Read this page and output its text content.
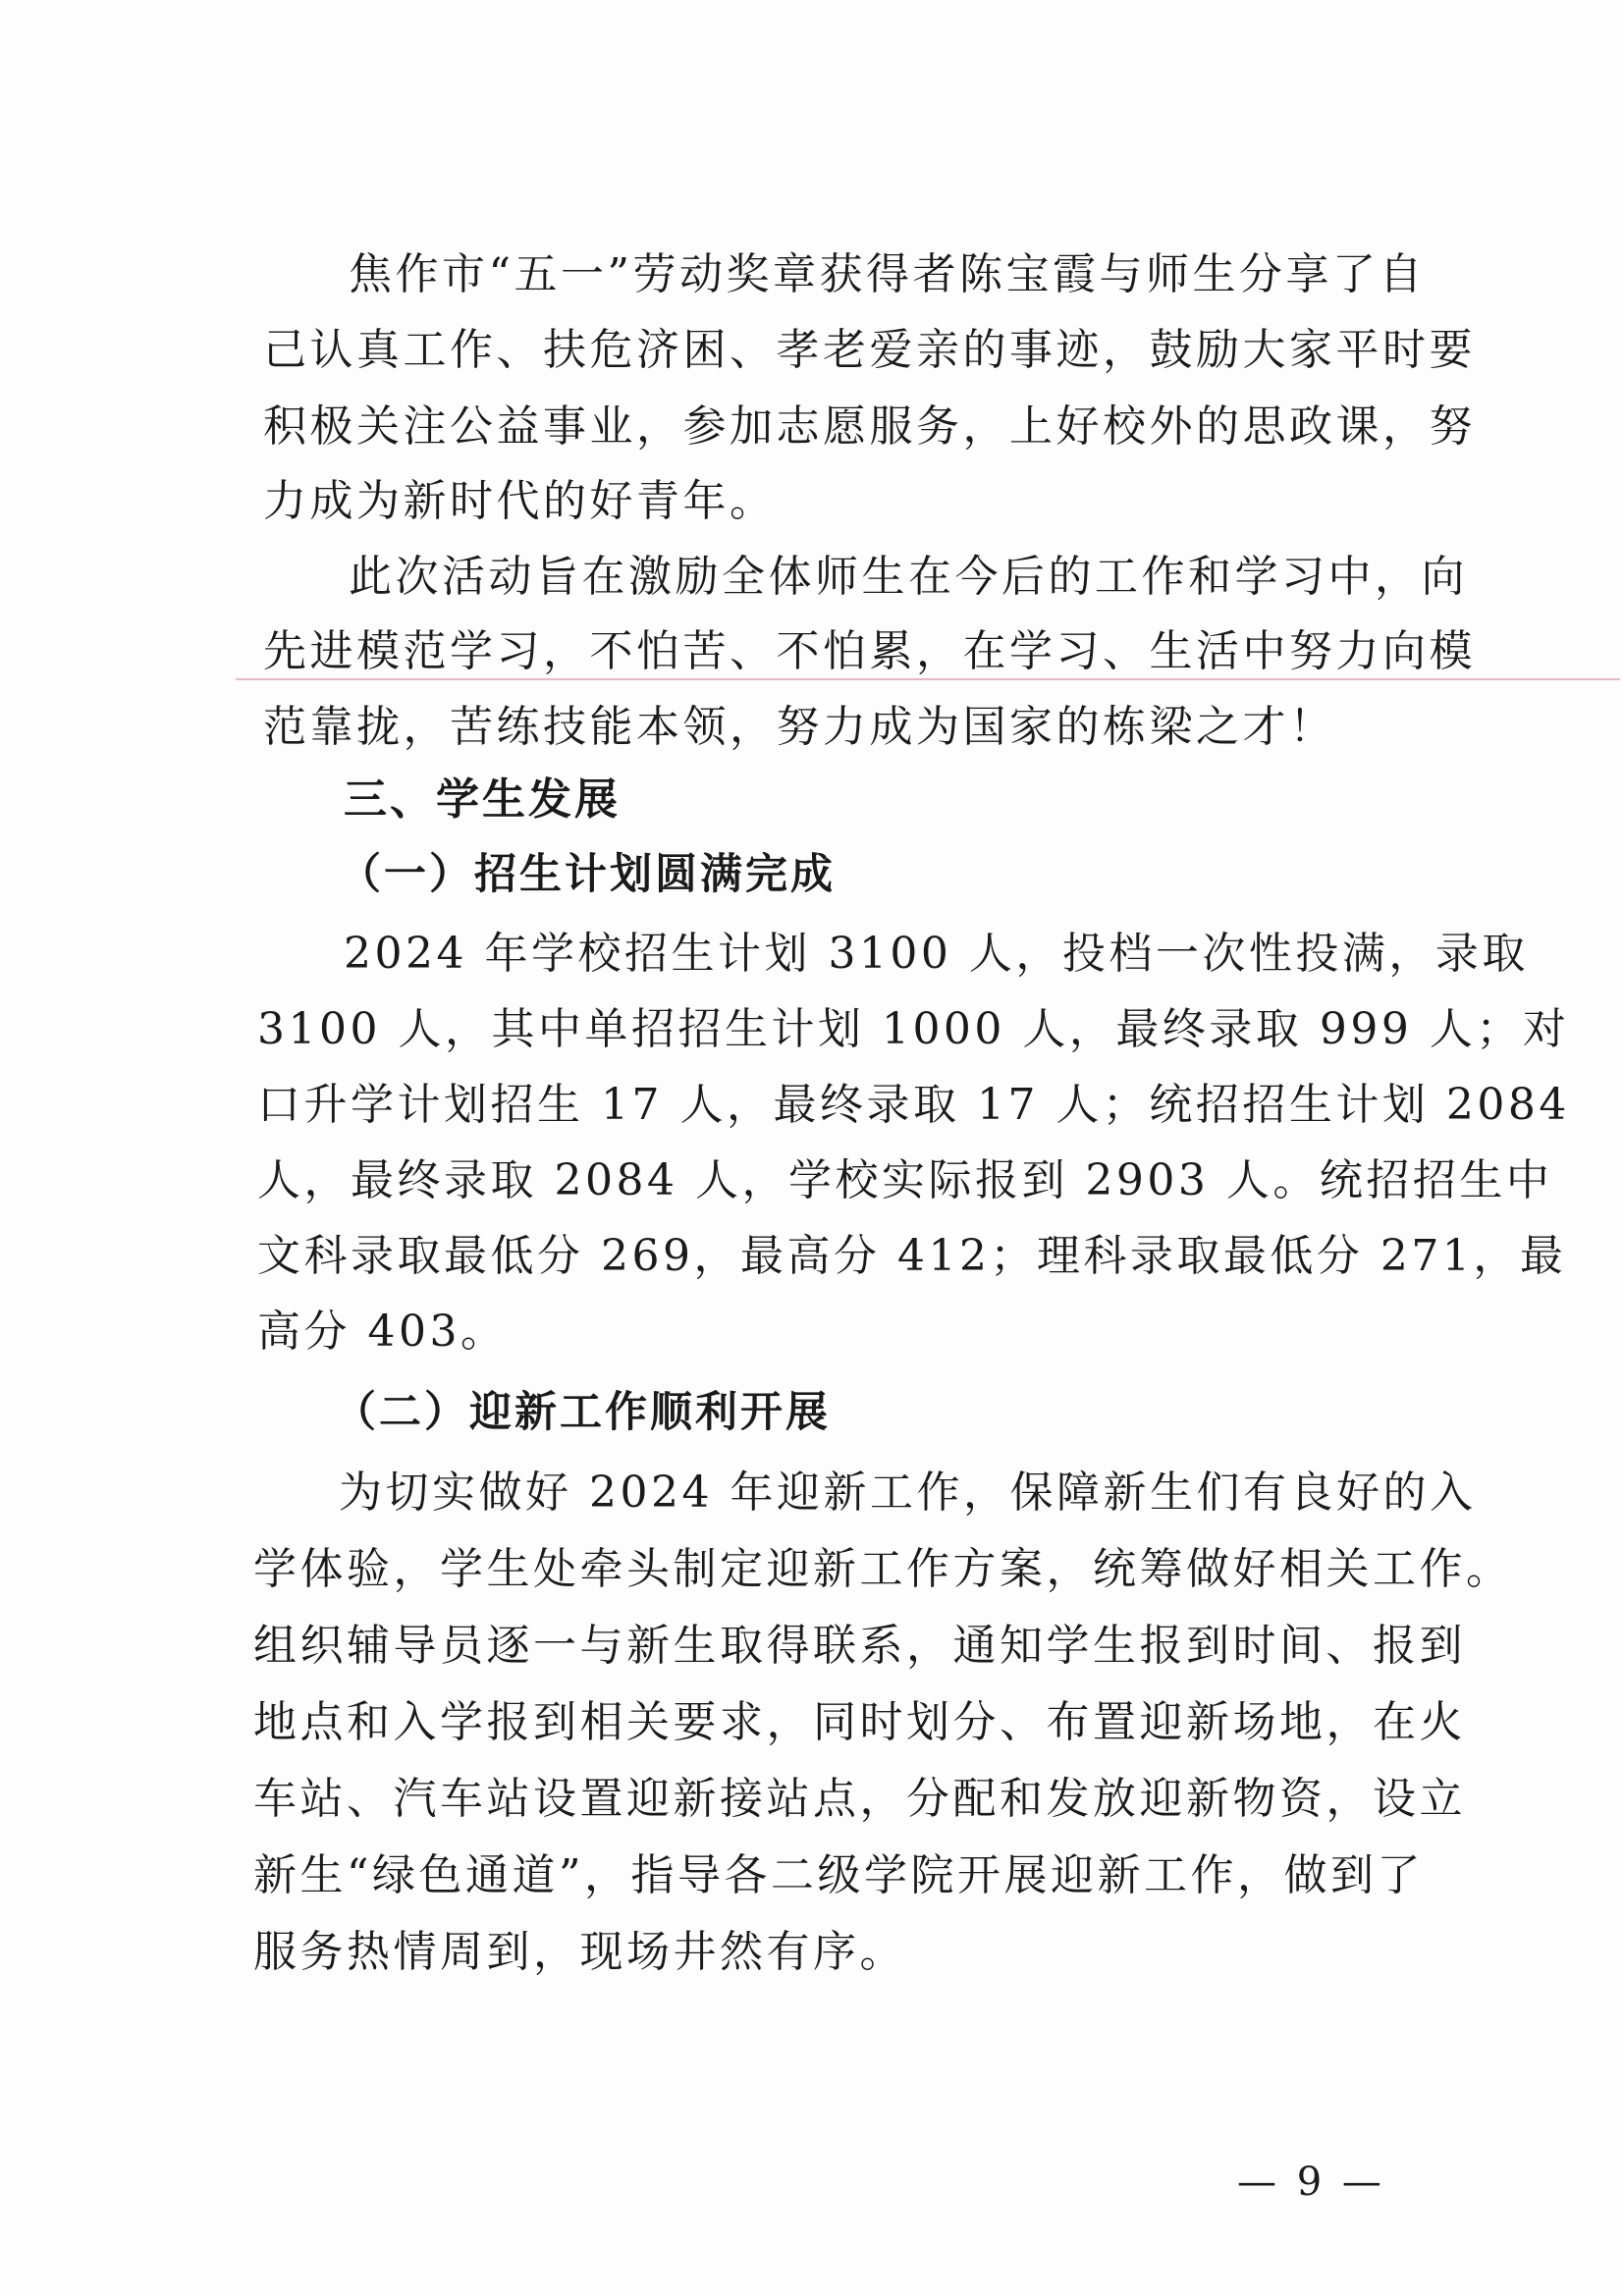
焦作市“五一”劳动奖章获得者陈宝霞与师生分享了自

己认真工作、扶危济困、孝老爱亲的事迹，鼓励大家平时要

积极关注公益事业，参加志愿服务，上好校外的思政课，努

力成为新时代的好青年。

此次活动旨在激励全体师生在今后的工作和学习中，向

先进模范学习，不怕苦、不怕累，在学习、生活中努力向模

范靠拢，苦练技能本领，努力成为国家的栋梁之才！

三、学生发展
（一）招生计划圆满完成

2024 年学校招生计划 3100 人，投档一次性投满，录取

3100 人，其中单招招生计划 1000 人，最终录取 999 人；对

口升学计划招生 17 人，最终录取 17 人；统招招生计划 2084

人，最终录取 2084 人，学校实际报到 2903 人。统招招生中

文科录取最低分 269，最高分 412；理科录取最低分 271，最

高分 403。

（二）迎新工作顺利开展

为切实做好 2024 年迎新工作，保障新生们有良好的入

学体验，学生处牵头制定迎新工作方案，统筹做好相关工作。

组织辅导员逐一与新生取得联系，通知学生报到时间、报到

地点和入学报到相关要求，同时划分、布置迎新场地，在火

车站、汽车站设置迎新接站点，分配和发放迎新物资，设立

新生“绿色通道”，指导各二级学院开展迎新工作，做到了

服务热情周到，现场井然有序。

— 9 —
